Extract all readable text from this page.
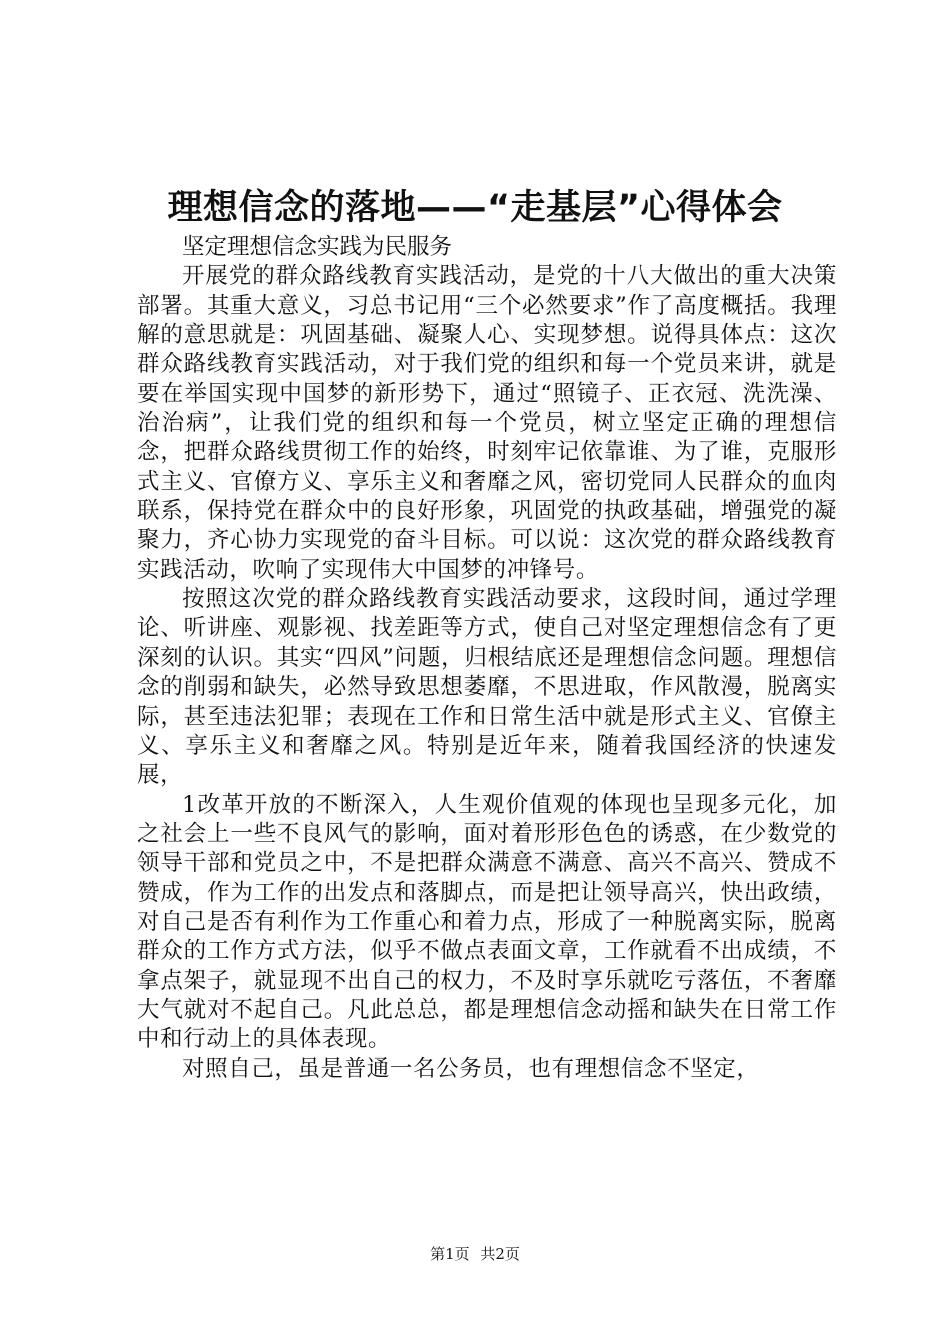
理想信念的落地——“走基层”心得体会
坚定理想信念实践为民服务
开展党的群众路线教育实践活动，是党的十八大做出的重大决策部署。其重大意义，习总书记用“三个必然要求”作了高度概括。我理解的意思就是：巩固基础、凝聚人心、实现梦想。说得具体点：这次群众路线教育实践活动，对于我们党的组织和每一个党员来讲，就是要在举国实现中国梦的新形势下，通过“照镜子、正衣冠、洗洗澡、治治病”，让我们党的组织和每一个党员，树立坚定正确的理想信念，把群众路线贯彻工作的始终，时刻牢记依靠谁、为了谁，克服形式主义、官僚方义、享乐主义和奢靡之风，密切党同人民群众的血肉联系，保持党在群众中的良好形象，巩固党的执政基础，增强党的凝聚力，齐心协力实现党的奋斗目标。可以说：这次党的群众路线教育实践活动，吹响了实现伟大中国梦的冲锋号。
按照这次党的群众路线教育实践活动要求，这段时间，通过学理论、听讲座、观影视、找差距等方式，使自己对坚定理想信念有了更深刻的认识。其实“四风”问题，归根结底还是理想信念问题。理想信念的削弱和缺失，必然导致思想萎靡，不思进取，作风散漫，脱离实际，甚至违法犯罪；表现在工作和日常生活中就是形式主义、官僚主义、享乐主义和奢靡之风。特别是近年来，随着我国经济的快速发展，
1改革开放的不断深入，人生观价值观的体现也呈现多元化，加之社会上一些不良风气的影响，面对着形形色色的诱惑，在少数党的领导干部和党员之中，不是把群众满意不满意、高兴不高兴、赞成不赞成，作为工作的出发点和落脚点，而是把让领导高兴，快出政绩，对自己是否有利作为工作重心和着力点，形成了一种脱离实际，脱离群众的工作方式方法，似乎不做点表面文章，工作就看不出成绩，不拿点架子，就显现不出自己的权力，不及时享乐就吃亏落伍，不奢靡大气就对不起自己。凡此总总，都是理想信念动摇和缺失在日常工作中和行动上的具体表现。
对照自己，虽是普通一名公务员，也有理想信念不坚定，
第1页 共2页
